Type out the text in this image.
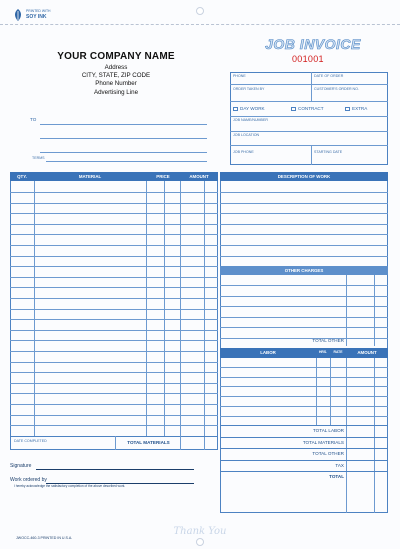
PRINTED WITH
SOY INK
YOUR COMPANY NAME
Address
CITY, STATE, ZIP CODE
Phone Number
Advertising Line
JOB INVOICE
001001
TO
TERMS
PHONE	DATE OF ORDER
ORDER TAKEN BY	CUSTOMER'S ORDER NO.
DAY WORK	CONTRACT	EXTRA
JOB NAME/NUMBER
JOB LOCATION
JOB PHONE	STARTING DATE
QTY.	MATERIAL	PRICE	AMOUNT
DATE COMPLETED	TOTAL MATERIALS
DESCRIPTION OF WORK
OTHER CHARGES
TOTAL OTHER
LABOR	HRS.	RATE	AMOUNT
TOTAL LABOR
TOTAL MATERIALS
TOTAL OTHER
TAX
TOTAL
Signature
Work ordered by
I hereby acknowledge the satisfactory completion of the above described work.
Thank You
JWOCC-460-3 PRINTED IN U.S.A.
